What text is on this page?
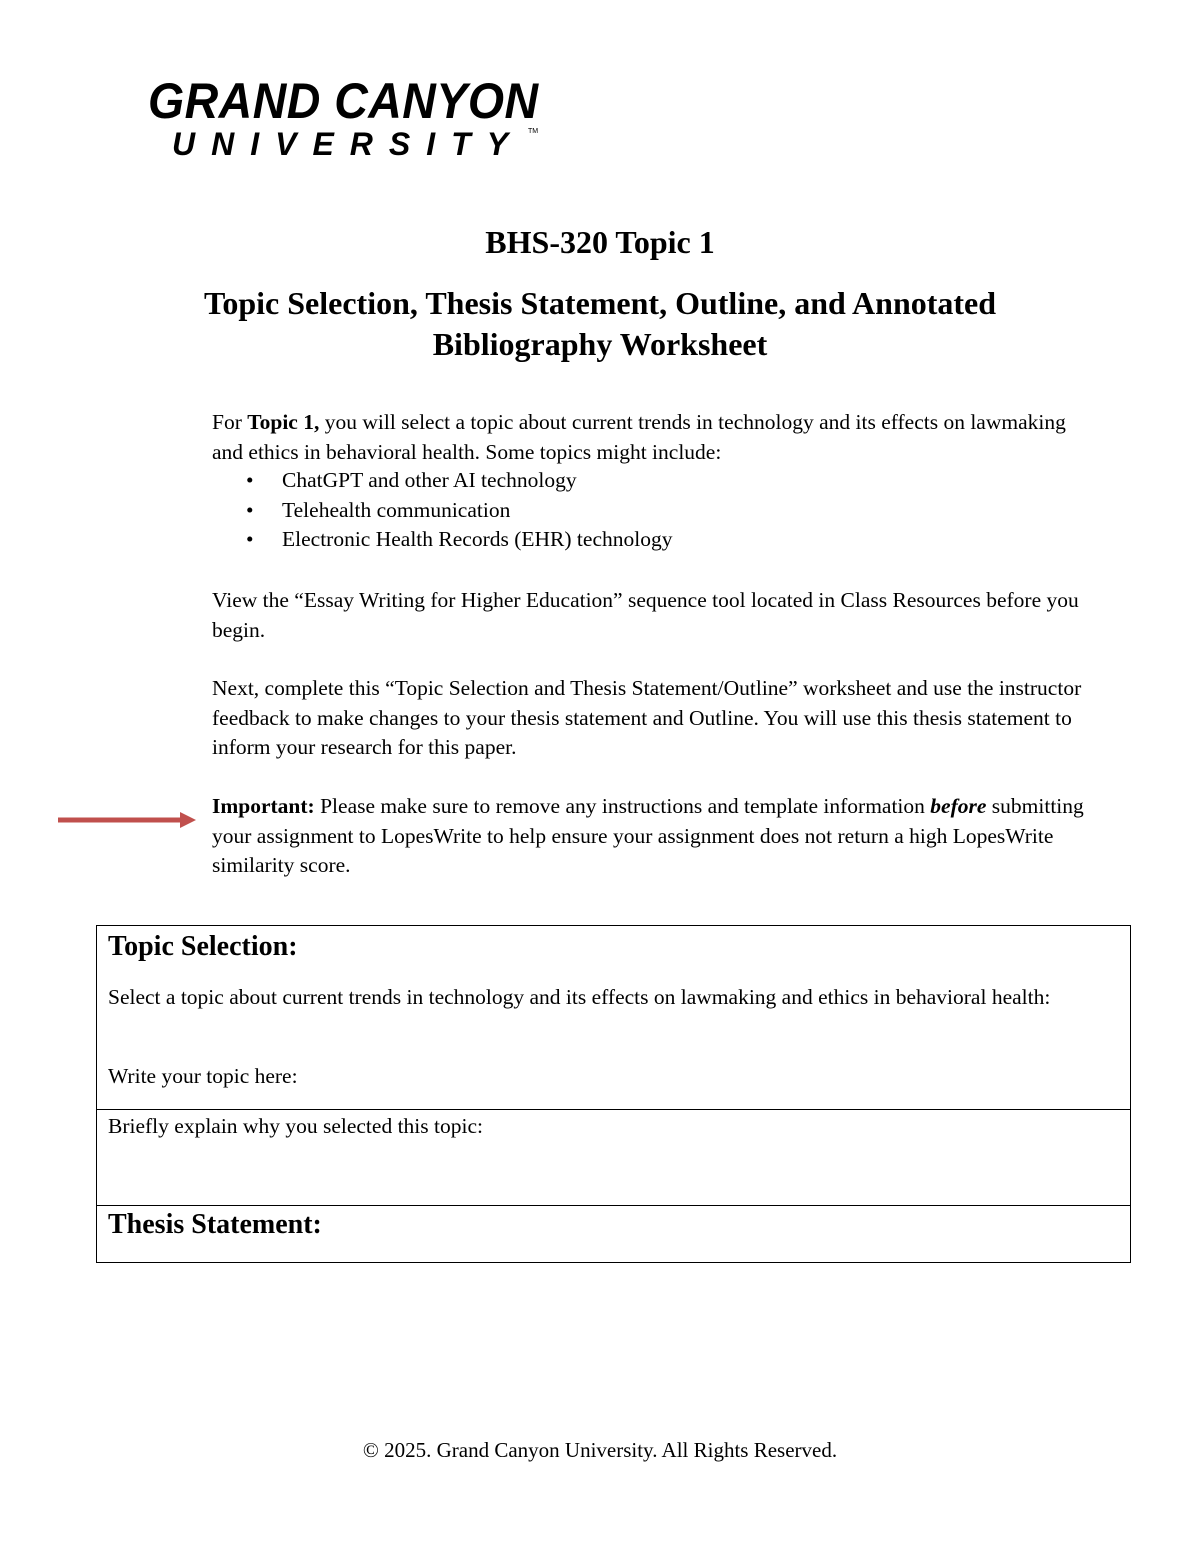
GRAND CANYON
UNIVERSITY TM
BHS-320 Topic 1
Topic Selection, Thesis Statement, Outline, and Annotated Bibliography Worksheet
For Topic 1, you will select a topic about current trends in technology and its effects on lawmaking and ethics in behavioral health. Some topics might include:
• ChatGPT and other AI technology
• Telehealth communication
• Electronic Health Records (EHR) technology
View the “Essay Writing for Higher Education” sequence tool located in Class Resources before you begin.
Next, complete this “Topic Selection and Thesis Statement/Outline” worksheet and use the instructor feedback to make changes to your thesis statement and Outline. You will use this thesis statement to inform your research for this paper.
Important: Please make sure to remove any instructions and template information before submitting your assignment to LopesWrite to help ensure your assignment does not return a high LopesWrite similarity score.
Topic Selection:
Select a topic about current trends in technology and its effects on lawmaking and ethics in behavioral health:
Write your topic here:
Briefly explain why you selected this topic:
Thesis Statement:
© 2025. Grand Canyon University. All Rights Reserved.
